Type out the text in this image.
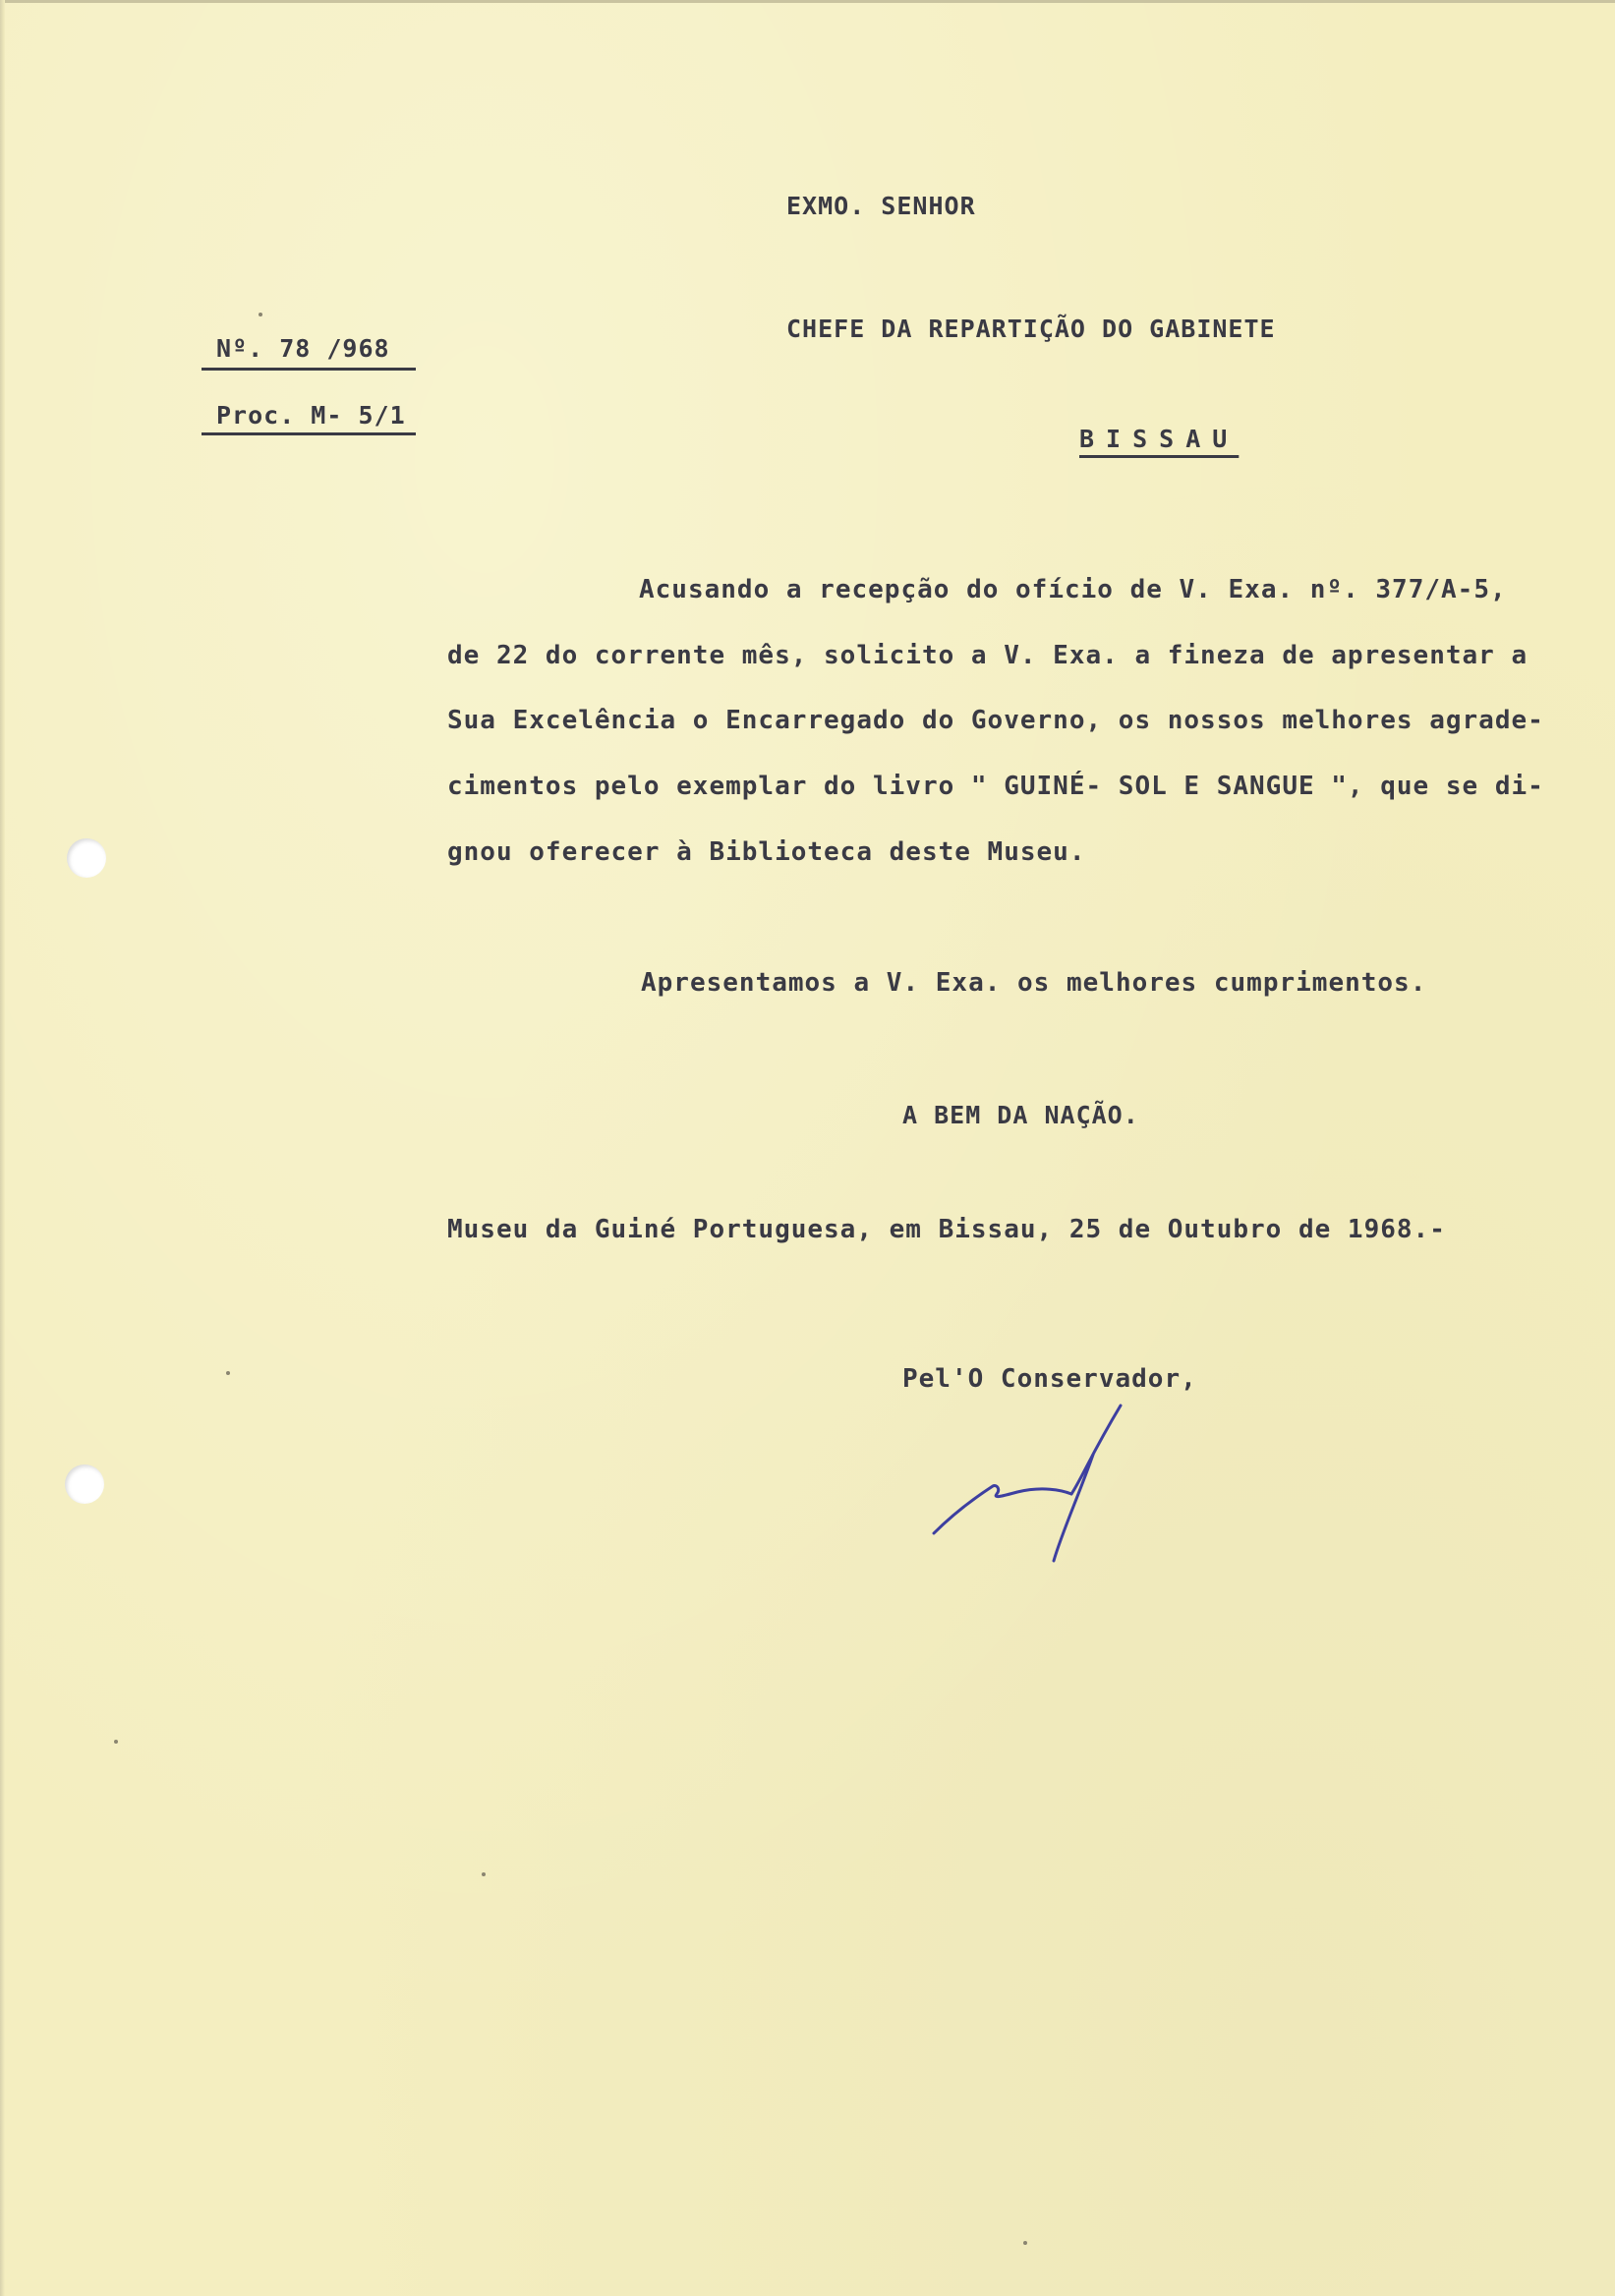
EXMO. SENHOR
CHEFE DA REPARTIÇÃO DO GABINETE
BISSAU
Nº. 78 /968
Proc. M- 5/1
Acusando a recepção do ofício de V. Exa. nº. 377/A-5,
de 22 do corrente mês, solicito a V. Exa. a fineza de apresentar a
Sua Excelência o Encarregado do Governo, os nossos melhores agrade-
cimentos pelo exemplar do livro " GUINÉ- SOL E SANGUE ", que se di-
gnou oferecer à Biblioteca deste Museu.
Apresentamos a V. Exa. os melhores cumprimentos.
A BEM DA NAÇÃO.
Museu da Guiné Portuguesa, em Bissau, 25 de Outubro de 1968.-
Pel'O Conservador,
